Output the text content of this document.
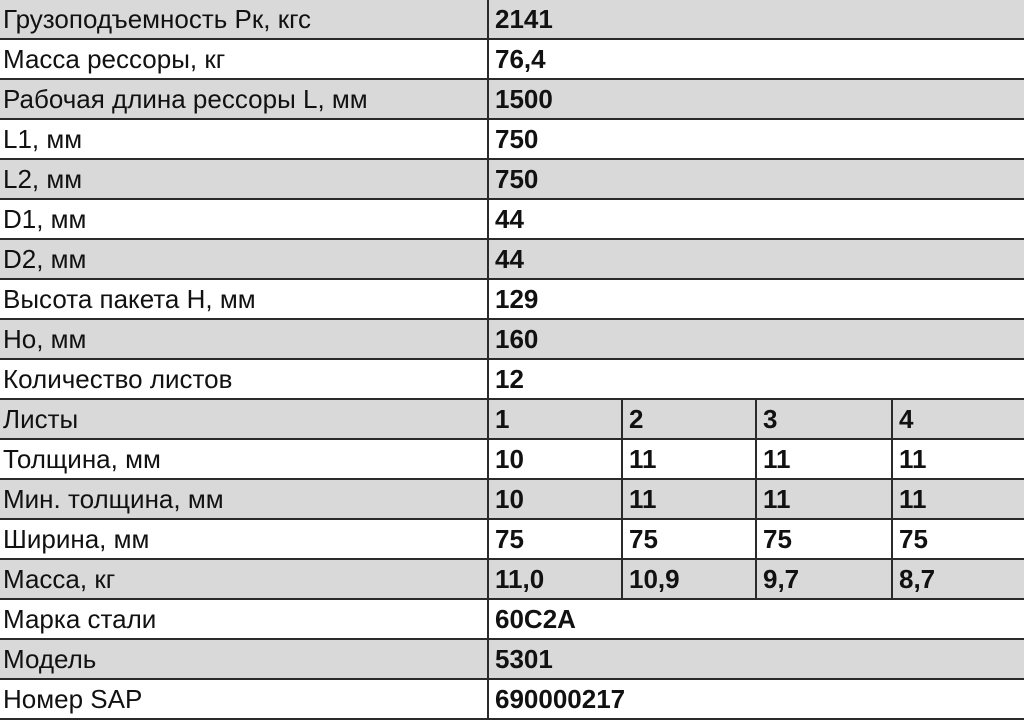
Грузоподъемность Рк, кгс	2141			
Масса рессоры, кг	76,4			
Рабочая длина рессоры L, мм	1500			
L1, мм	750			
L2, мм	750			
D1, мм	44			
D2, мм	44			
Высота пакета Н, мм	129			
Но, мм	160			
Количество листов	12			
Листы	1	2	3	4
Толщина, мм	10	11	11	11
Мин. толщина, мм	10	11	11	11
Ширина, мм	75	75	75	75
Масса, кг	11,0	10,9	9,7	8,7
Марка стали	60С2А			
Модель	5301			
Номер SAP	690000217			
